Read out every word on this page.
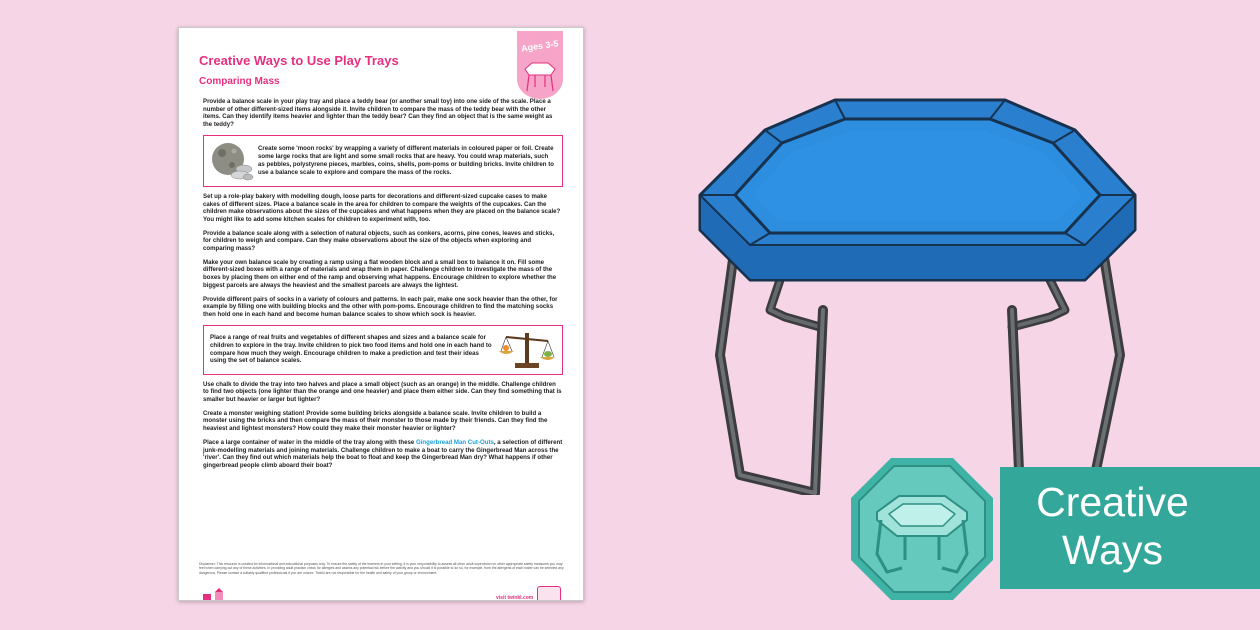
Creative Ways to Use Play Trays
Comparing Mass
Ages 3-5

Provide a balance scale in your play tray and place a teddy bear (or another small toy) into one side of the scale. Place a number of other different-sized items alongside it. Invite children to compare the mass of the teddy bear with the other items. Can they identify items heavier and lighter than the teddy bear? Can they find an object that is the same weight as the teddy?

Create some 'moon rocks' by wrapping a variety of different materials in coloured paper or foil. Create some large rocks that are light and some small rocks that are heavy. You could wrap materials, such as pebbles, polystyrene pieces, marbles, coins, shells, pom-poms or building bricks. Invite children to use a balance scale to explore and compare the mass of the rocks.

Set up a role-play bakery with modelling dough, loose parts for decorations and different-sized cupcake cases to make cakes of different sizes. Place a balance scale in the area for children to compare the weights of the cupcakes. Can the children make observations about the sizes of the cupcakes and what happens when they are placed on the balance scale? You might like to add some kitchen scales for children to experiment with, too.

Provide a balance scale along with a selection of natural objects, such as conkers, acorns, pine cones, leaves and sticks, for children to weigh and compare. Can they make observations about the size of the objects when exploring and comparing mass?

Make your own balance scale by creating a ramp using a flat wooden block and a small box to balance it on. Fill some different-sized boxes with a range of materials and wrap them in paper. Challenge children to investigate the mass of the boxes by placing them on either end of the ramp and observing what happens. Encourage children to explore whether the biggest parcels are always the heaviest and the smallest parcels are always the lightest.

Provide different pairs of socks in a variety of colours and patterns. In each pair, make one sock heavier than the other, for example by filling one with building blocks and the other with pom-poms. Encourage children to find the matching socks then hold one in each hand and become human balance scales to show which sock is heavier.

Place a range of real fruits and vegetables of different shapes and sizes and a balance scale for children to explore in the tray. Invite children to pick two food items and hold one in each hand to compare how much they weigh. Encourage children to make a prediction and test their ideas using the set of balance scales.

Use chalk to divide the tray into two halves and place a small object (such as an orange) in the middle. Challenge children to find two objects (one lighter than the orange and one heavier) and place them either side. Can they find something that is smaller but heavier or larger but lighter?

Create a monster weighing station! Provide some building bricks alongside a balance scale. Invite children to build a monster using the bricks and then compare the mass of their monster to those made by their friends. Can they find the heaviest and lightest monsters? How could they make their monster heavier or lighter?

Place a large container of water in the middle of the tray along with these Gingerbread Man Cut-Outs, a selection of different junk-modelling materials and joining materials. Challenge children to make a boat to carry the Gingerbread Man across the 'river'. Can they find out which materials help the boat to float and keep the Gingerbread Man dry? What happens if other gingerbread people climb aboard their boat?

Disclaimer: This resource is created for informational and educational purposes only. To ensure the safety of the learners in your setting, it is your responsibility to assess all other adult supervision on other appropriate safety measures you may feel when carrying out any of these activities. In providing adult practice check for allergies and assess any potential risk before the activity and you should it is possible to do so, for example, from the allergens of each water can be selected any dangerous. Please contact a suitably qualified professional if you are unsure. Twinkl are not responsible for the health and safety of your group or environment.

visit twinkl.com
Creative
Ways
